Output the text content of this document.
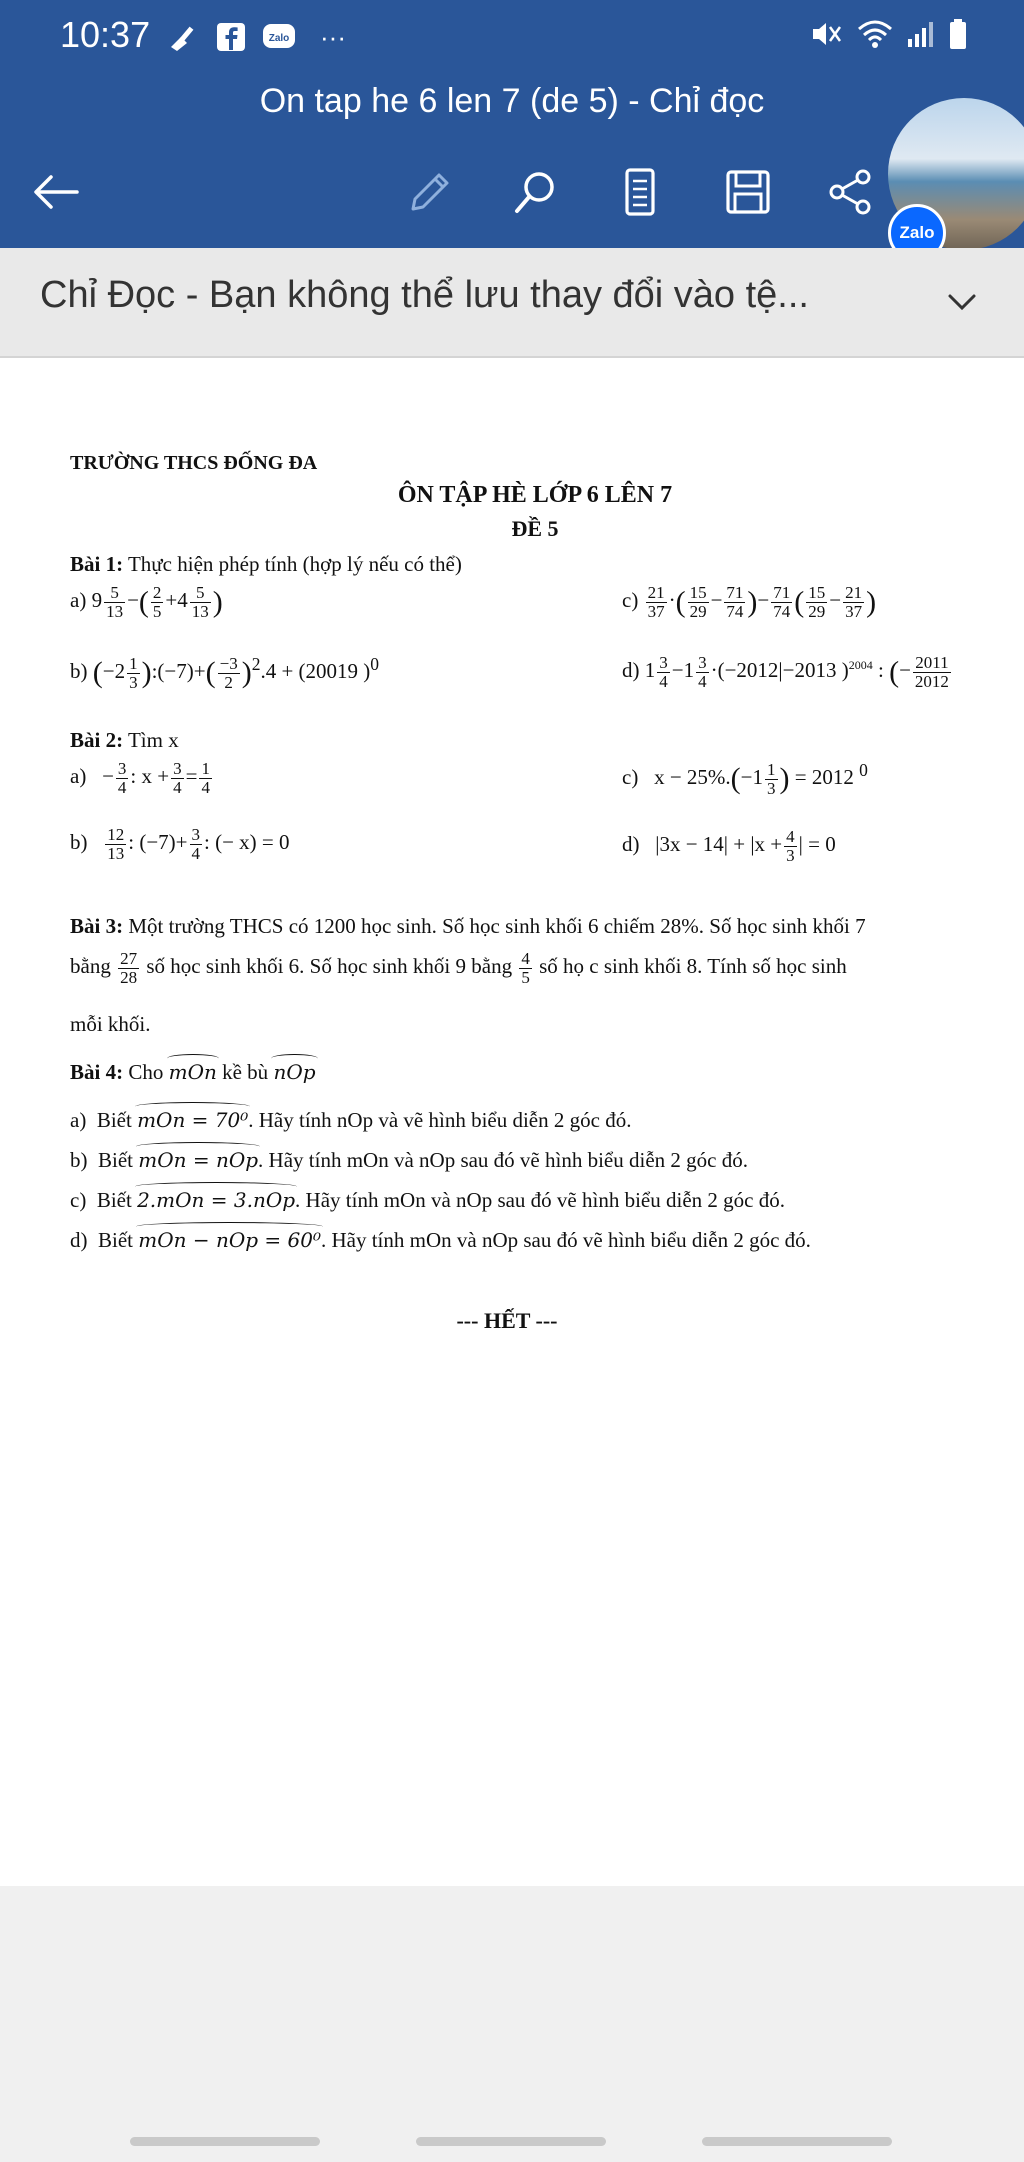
10:37	Zalo	···
On tap he 6 len 7 (de 5) - Chỉ đọc
Zalo
Chỉ Đọc - Bạn không thể lưu thay đổi vào tệ...
TRƯỜNG THCS ĐỐNG ĐA
ÔN TẬP HÈ LỚP 6 LÊN 7
ĐỀ 5
Bài 1: Thực hiện phép tính (hợp lý nếu có thể)
a) $9 \frac{5}{13}$ −( $\frac{2}{5} +4 \frac{5}{13}$ )	$c) \frac{21}{37}$ ·( $\frac{15}{29} - \frac{71}{74}$ )− $\frac{71}{74}$ ( $\frac{15}{29} - \frac{21}{37}$ )
b) ($-2 \frac{1}{3}$ ):(−7)+( $\frac{-3}{2} )^2.4 + (20019$ )$^0$	d) $1 \frac{3}{4} -1 \frac{3}{4} \cdot(-2012|-2013$ )$^{2004}$ : (− $\frac{2011}{2012}$
Bài 2: Tìm x
$a) - \frac{3}{4}$ : $x + \frac{3}{4} = \frac{1}{4}$	c)   $x - 25\%.(-1 \frac{1}{3}$ ) = 2012 $^0$
$b) \frac{12}{13}$ : $(-7)+ \frac{3}{4}$ : (− x) = 0	d)   $|3x - 14| + |x + \frac{4}{3}$ | = 0
Bài 3: Một trường THCS có 1200 học sinh. Số học sinh khối 6 chiếm 28%. Số học sinh khối 7
bằng $\frac{27}{28}$ số học sinh khối 6. Số học sinh khối 9 bằng $\frac{4}{5}$ số họ c sinh khối 8. Tính số học sinh
mỗi khối.
Bài 4: Cho mOn kề bù nOp
a) Biết mOn = 70⁰. Hãy tính nOp và vẽ hình biểu diễn 2 góc đó.
b) Biết mOn = nOp. Hãy tính mOn và nOp sau đó vẽ hình biểu diễn 2 góc đó.
c) Biết 2.mOn = 3.nOp. Hãy tính mOn và nOp sau đó vẽ hình biểu diễn 2 góc đó.
d) Biết mOn − nOp = 60⁰. Hãy tính mOn và nOp sau đó vẽ hình biểu diễn 2 góc đó.
--- HẾT ---
